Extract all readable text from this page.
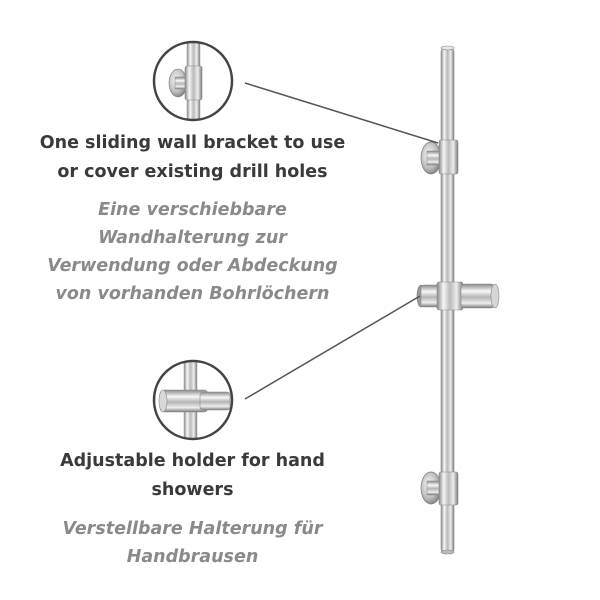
One sliding wall bracket to use
or cover existing drill holes
Eine verschiebbare
Wandhalterung zur
Verwendung oder Abdeckung
von vorhanden Bohrlöchern
Adjustable holder for hand
showers
Verstellbare Halterung für
Handbrausen
